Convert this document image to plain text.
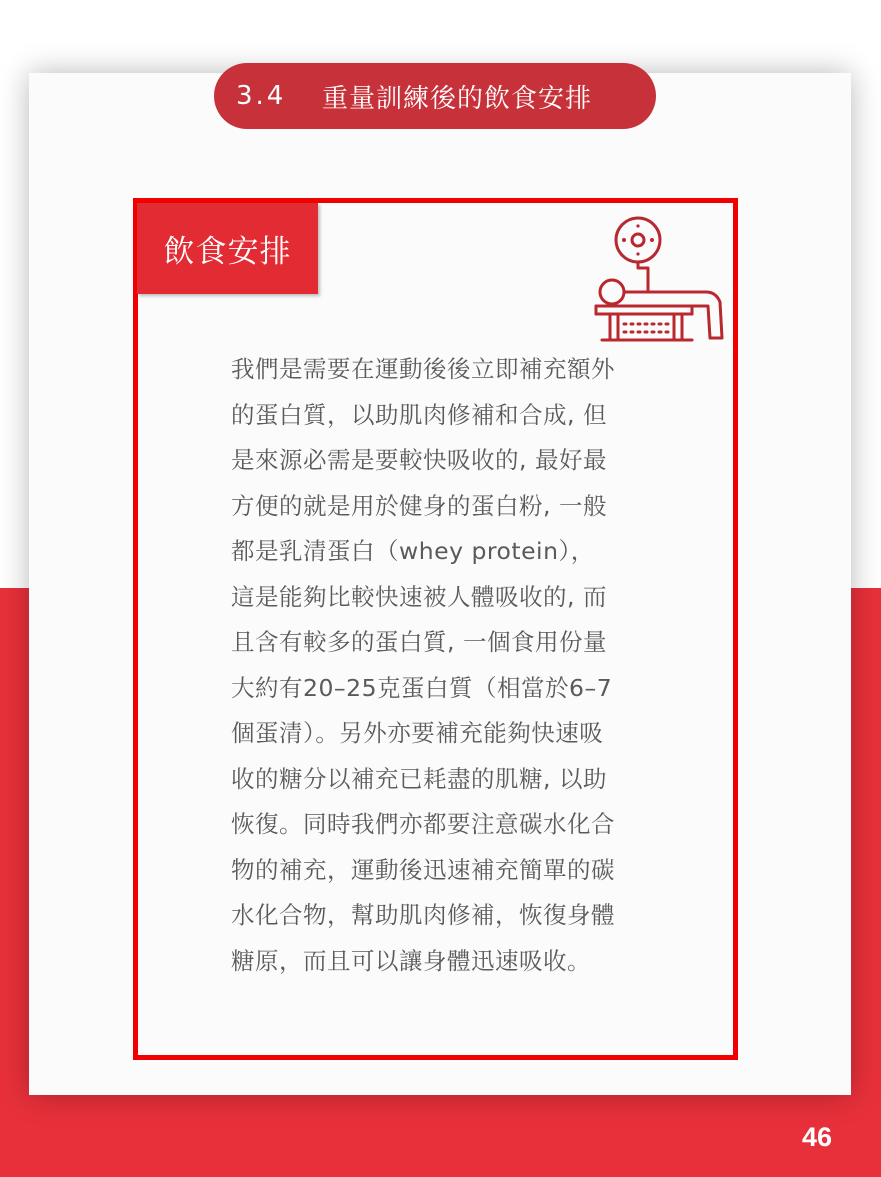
3.4	重量訓練後的飲食安排
飲食安排
我們是需要在運動後後立即補充額外
的蛋白質，以助肌肉修補和合成, 但
是來源必需是要較快吸收的, 最好最
方便的就是用於健身的蛋白粉, 一般
都是乳清蛋白（whey protein），
這是能夠比較快速被人體吸收的, 而
且含有較多的蛋白質, 一個食用份量
大約有20–25克蛋白質（相當於6–7
個蛋清）。另外亦要補充能夠快速吸
收的糖分以補充已耗盡的肌糖, 以助
恢復。同時我們亦都要注意碳水化合
物的補充，運動後迅速補充簡單的碳
水化合物，幫助肌肉修補，恢復身體
糖原，而且可以讓身體迅速吸收。
46
